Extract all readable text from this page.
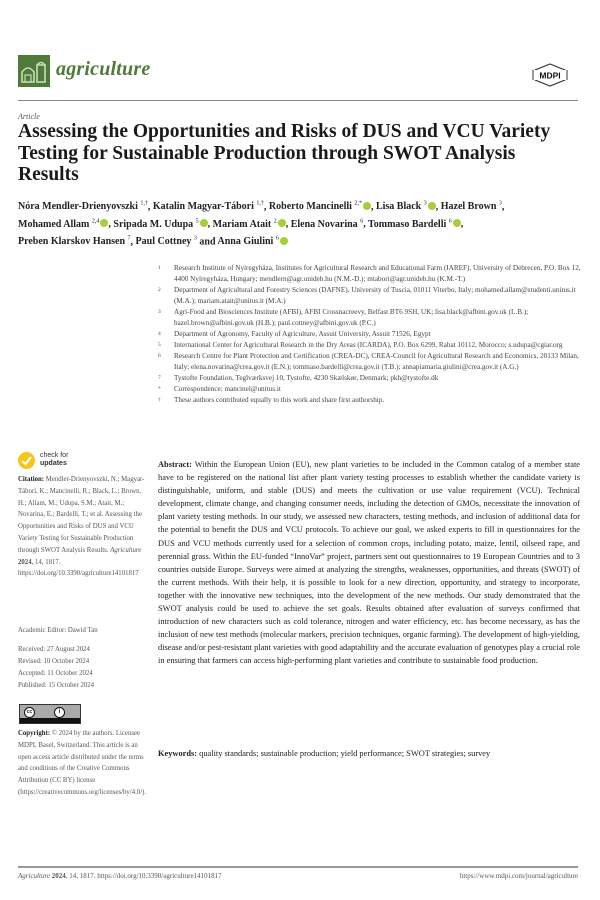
agriculture	MDPI
Article
Assessing the Opportunities and Risks of DUS and VCU Variety Testing for Sustainable Production through SWOT Analysis Results
Nóra Mendler-Drienyovszki $^{1,\dagger}$, Katalin Magyar-Tábori $^{1,\dagger}$, Roberto Mancinelli $^{2,*}$ , Lisa Black $^3$ , Hazel Brown $^3$,
Mohamed Allam $^{2,4}$ , Sripada M. Udupa $^5$ , Mariam Atait $^2$ , Elena Novarina $^6$, Tommaso Bardelli $^6$ ,
Preben Klarskov Hansen $^7$, Paul Cottney $^3$ and Anna Giulini $^6$
1	Research Institute of Nyíregyháza, Institutes for Agricultural Research and Educational Farm (IAREF), University of Debrecen, P.O. Box 12, 4400 Nyíregyháza, Hungary; mendlern@agr.unideb.hu (N.M.-D.); mtabori@agr.unideb.hu (K.M.-T.)
2	Department of Agricultural and Forestry Sciences (DAFNE), University of Tuscia, 01011 Viterbo, Italy; mohamed.allam@studenti.unitus.it (M.A.); mariam.atait@unitus.it (M.A.)
3	Agri-Food and Biosciences Institute (AFBI), AFBI Crossnacreevy, Belfast BT6 9SH, UK; lisa.black@afbini.gov.uk (L.B.); hazel.brown@afbini.gov.uk (H.B.); paul.cottney@afbini.gov.uk (P.C.)
4	Department of Agronomy, Faculty of Agriculture, Assuit University, Assuit 71526, Egypt
5	International Center for Agricultural Research in the Dry Areas (ICARDA), P.O. Box 6299, Rabat 10112, Morocco; s.udupa@cgiar.org
6	Research Centre for Plant Protection and Certification (CREA-DC), CREA-Council for Agricultural Research and Economics, 20133 Milan, Italy; elena.novarina@crea.gov.it (E.N.); tommaso.bardelli@crea.gov.it (T.B.); annapiamaria.giulini@crea.gov.it (A.G.)
7	Tystofte Foundation, Teglværksvej 10, Tystofte, 4230 Skælskør, Denmark; pkh@tystofte.dk
*	Correspondence: mancinel@unitus.it
†	These authors contributed equally to this work and share first authorship.
check for
updates
Citation: Mendler-Drienyovszki, N.; Magyar-Tábori, K.; Mancinelli, R.; Black, L.; Brown, H.; Allam, M.; Udupa, S.M.; Atait, M.; Novarina, E.; Bardelli, T.; et al. Assessing the Opportunities and Risks of DUS and VCU Variety Testing for Sustainable Production through SWOT Analysis Results. Agriculture 2024, 14, 1817. https://doi.org/10.3390/agriculture14101817
Academic Editor: Dawid Tan
Received: 27 August 2024
Revised: 10 October 2024
Accepted: 11 October 2024
Published: 15 October 2024
cc	i
Copyright: © 2024 by the authors. Licensee MDPI, Basel, Switzerland. This article is an open access article distributed under the terms and conditions of the Creative Commons Attribution (CC BY) license (https://creativecommons.org/licenses/by/4.0/).
Abstract: Within the European Union (EU), new plant varieties to be included in the Common catalog of a member state have to be registered on the national list after plant variety testing processes to establish whether the candidate variety is distinguishable, uniform, and stable (DUS) and meets the cultivation or use value requirement (VCU). Technical development, climate change, and changing consumer needs, including the detection of GMOs, necessitate the innovation of plant variety testing methods. In our study, we assessed new characters, testing methods, and inclusion of additional data for the potential to benefit the DUS and VCU protocols. To achieve our goal, we asked experts to fill in questionnaires for the DUS and VCU methods currently used for a selection of common crops, including potato, maize, lentil, oilseed rape, and perennial grass. Within the EU-funded “InnoVar” project, partners sent out questionnaires to 19 European Countries and to 3 countries outside Europe. Surveys were aimed at analyzing the strengths, weaknesses, opportunities, and threats (SWOT) of the current methods. With their help, it is possible to look for a new direction, opportunity, and strategy to incorporate, together with the innovative new techniques, into the development of the new methods. Our study demonstrated that the SWOT analysis could be used to achieve the set goals. Results obtained after evaluation of surveys confirmed that introduction of new characters such as cold tolerance, nitrogen and water efficiency, etc. has become necessary, as has the inclusion of new test methods (molecular markers, precision techniques, organic farming). The development of high-yielding, disease and/or pest-resistant plant varieties with good adaptability and the accurate evaluation of genotypes play a crucial role in ensuring that farmers can access high-performing plant varieties and contribute to sustainable food production.
Keywords: quality standards; sustainable production; yield performance; SWOT strategies; survey
Agriculture 2024, 14, 1817. https://doi.org/10.3390/agriculture14101817	https://www.mdpi.com/journal/agriculture
